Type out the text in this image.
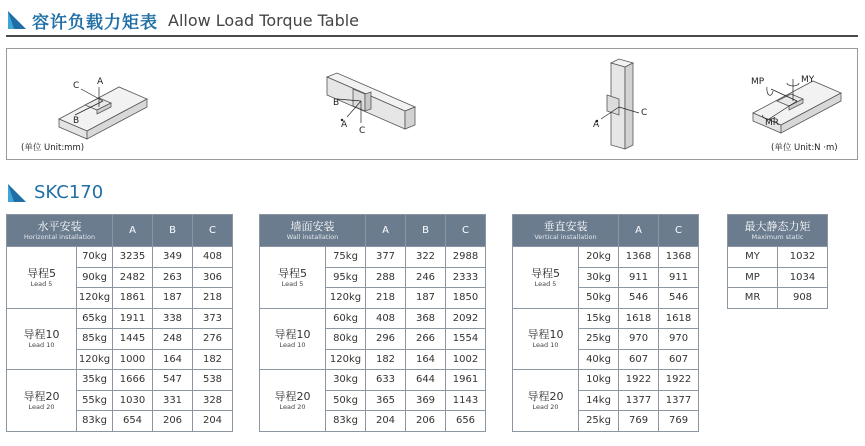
容许负载力矩表 Allow Load Torque Table
A
C
B
(单位 Unit:mm)
B
A
C
A
C
MP	MY
MR
(单位 Unit:N ·m)
SKC170
水平安装
Horizontal installation		A	B	C

导程5
Lead 5	70kg	3235	349	408
	90kg	2482	263	306
	120kg	1861	187	218

导程10
Lead 10	65kg	1911	338	373
	85kg	1445	248	276
	120kg	1000	164	182

导程20
Lead 20	35kg	1666	547	538
	55kg	1030	331	328
	83kg	654	206	204
墙面安装
Wall installation		A	B	C

导程5
Lead 5	75kg	377	322	2988
	95kg	288	246	2333
	120kg	218	187	1850

导程10
Lead 10	60kg	408	368	2092
	80kg	296	266	1554
	120kg	182	164	1002

导程20
Lead 20	30kg	633	644	1961
	50kg	365	369	1143
	83kg	204	206	656
垂直安装
Vertical installation		A	C

导程5
Lead 5	20kg	1368	1368
	30kg	911	911
	50kg	546	546

导程10
Lead 10	15kg	1618	1618
	25kg	970	970
	40kg	607	607

导程20
Lead 20	10kg	1922	1922
	14kg	1377	1377
	25kg	769	769
最大静态力矩
Maximum static	

MY	1032
MP	1034
MR	908
